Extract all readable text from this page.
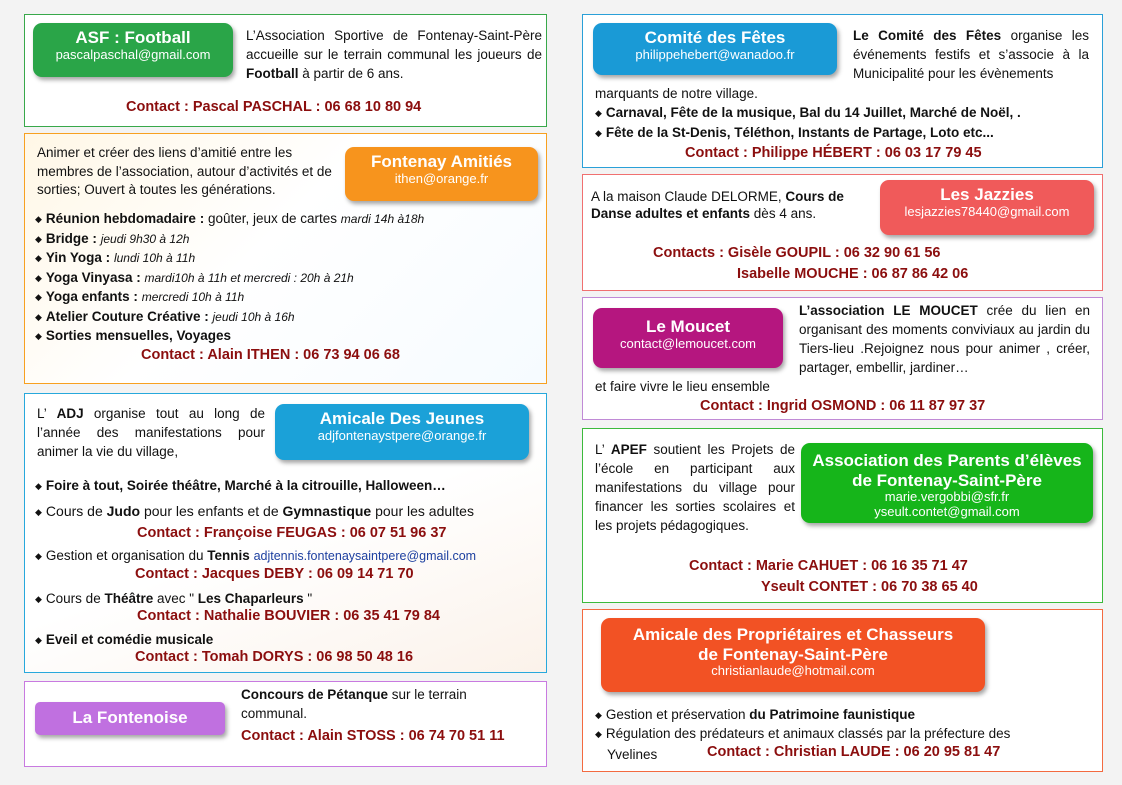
ASF : Football
pascalpaschal@gmail.com
L’Association Sportive de Fontenay-Saint-Père accueille sur le terrain communal les joueurs de Football à partir de 6 ans.
Contact : Pascal PASCHAL : 06 68 10 80 94
Animer et créer des liens d’amitié entre les membres de l’association, autour d’activités et de sorties; Ouvert à toutes les générations.
Fontenay Amitiés
ithen@orange.fr
◆ Réunion hebdomadaire : goûter, jeux de cartes mardi 14h à18h
◆ Bridge : jeudi 9h30 à 12h
◆ Yin Yoga : lundi 10h à 11h
◆ Yoga Vinyasa : mardi10h à 11h et mercredi : 20h à 21h
◆ Yoga enfants : mercredi 10h à 11h
◆ Atelier Couture Créative : jeudi 10h à 16h
◆ Sorties mensuelles, Voyages
Contact : Alain ITHEN : 06 73 94 06 68
L’ ADJ organise tout au long de l’année des manifestations pour animer la vie du village,
Amicale Des Jeunes
adjfontenaystpere@orange.fr
◆ Foire à tout, Soirée théâtre, Marché à la citrouille, Halloween…
◆ Cours de Judo pour les enfants et de Gymnastique pour les adultes
Contact : Françoise FEUGAS : 06 07 51 96 37
◆ Gestion et organisation du Tennis adjtennis.fontenaysaintpere@gmail.com
Contact : Jacques DEBY : 06 09 14 71 70
◆ Cours de Théâtre avec " Les Chaparleurs "
Contact : Nathalie BOUVIER : 06 35 41 79 84
◆ Eveil et comédie musicale
Contact : Tomah DORYS : 06 98 50 48 16
La Fontenoise
Concours de Pétanque sur le terrain communal.
Contact : Alain STOSS : 06 74 70 51 11
Comité des Fêtes
philippehebert@wanadoo.fr
Le Comité des Fêtes organise les événements festifs et s’associe à la Municipalité pour les évènements
marquants de notre village.
◆ Carnaval, Fête de la musique, Bal du 14 Juillet, Marché de Noël, .
◆ Fête de la St-Denis, Téléthon, Instants de Partage, Loto etc...
Contact : Philippe HÉBERT : 06 03 17 79 45
A la maison Claude DELORME, Cours de Danse adultes et enfants dès 4 ans.
Les Jazzies
lesjazzies78440@gmail.com
Contacts : Gisèle GOUPIL : 06 32 90 61 56
Isabelle MOUCHE : 06 87 86 42 06
Le Moucet
contact@lemoucet.com
L’association LE MOUCET crée du lien en organisant des moments conviviaux au jardin du Tiers-lieu .Rejoignez nous pour animer , créer, partager, embellir, jardiner…
et faire vivre le lieu ensemble
Contact : Ingrid OSMOND : 06 11 87 97 37
L’ APEF soutient les Projets de l’école en participant aux manifestations du village pour financer les sorties scolaires et les projets pédagogiques.
Association des Parents d’élèves de Fontenay-Saint-Père
marie.vergobbi@sfr.fr
yseult.contet@gmail.com
Contact : Marie CAHUET : 06 16 35 71 47
Yseult CONTET : 06 70 38 65 40
Amicale des Propriétaires et Chasseurs de Fontenay-Saint-Père
christianlaude@hotmail.com
◆ Gestion et préservation du Patrimoine faunistique
◆ Régulation des prédateurs et animaux classés par la préfecture des
Yvelines	Contact : Christian LAUDE : 06 20 95 81 47
